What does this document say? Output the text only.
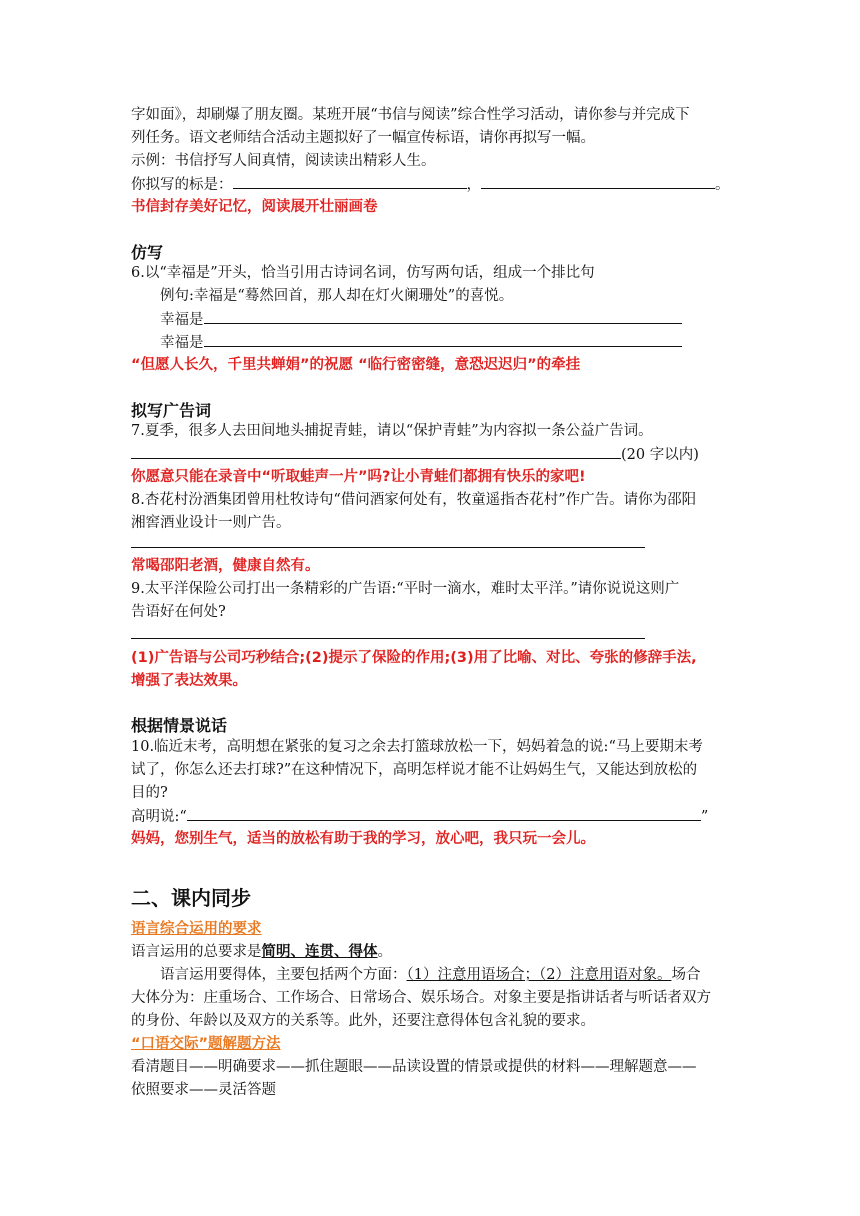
字如面》，却刷爆了朋友圈。某班开展“书信与阅读”综合性学习活动，请你参与并完成下
列任务。语文老师结合活动主题拟好了一幅宣传标语，请你再拟写一幅。
示例：书信抒写人间真情，阅读读出精彩人生。
你拟写的标是：	，	。
书信封存美好记忆，阅读展开壮丽画卷
仿写
6.以“幸福是”开头，恰当引用古诗词名词，仿写两句话，组成一个排比句
例句:幸福是“蓦然回首，那人却在灯火阑珊处”的喜悦。
幸福是
幸福是
“但愿人长久，千里共蝉娟”的祝愿 “临行密密缝，意恐迟迟归”的牵挂
拟写广告词
7.夏季，很多人去田间地头捕捉青蛙，请以“保护青蛙”为内容拟一条公益广告词。
(20 字以内)
你愿意只能在录音中“听取蛙声一片”吗?让小青蛙们都拥有快乐的家吧!
8.杏花村汾酒集团曾用杜牧诗句“借问酒家何处有，牧童遥指杏花村”作广告。请你为邵阳
湘窖酒业设计一则广告。
常喝邵阳老酒，健康自然有。
9.太平洋保险公司打出一条精彩的广告语:“平时一滴水，难时太平洋。”请你说说这则广
告语好在何处?
(1)广告语与公司巧秒结合;(2)提示了保险的作用;(3)用了比喻、对比、夸张的修辞手法,
增强了表达效果。
根据情景说话
10.临近末考，高明想在紧张的复习之余去打篮球放松一下，妈妈着急的说:“马上要期末考
试了，你怎么还去打球?”在这种情况下，高明怎样说才能不让妈妈生气，又能达到放松的
目的?
高明说:“	”
妈妈，您别生气，适当的放松有助于我的学习，放心吧，我只玩一会儿。
二、课内同步
语言综合运用的要求
语言运用的总要求是简明、连贯、得体。
语言运用要得体，主要包括两个方面：（1）注意用语场合；（2）注意用语对象。场合
大体分为：庄重场合、工作场合、日常场合、娱乐场合。对象主要是指讲话者与听话者双方
的身份、年龄以及双方的关系等。此外，还要注意得体包含礼貌的要求。
“口语交际”题解题方法
看清题目——明确要求——抓住题眼——品读设置的情景或提供的材料——理解题意——
依照要求——灵活答题
